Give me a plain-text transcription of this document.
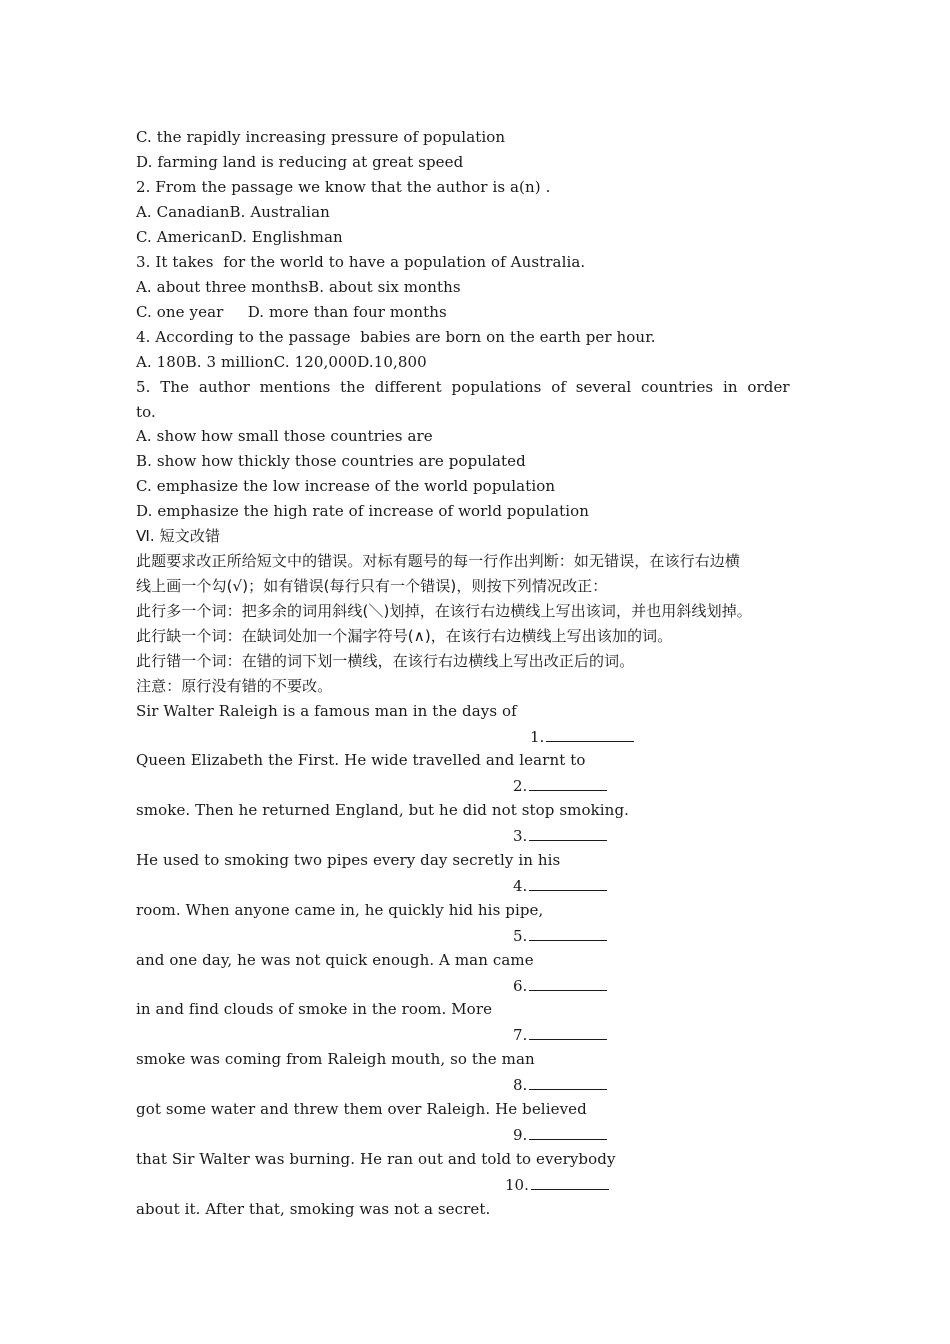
C. the rapidly increasing pressure of population
D. farming land is reducing at great speed
2. From the passage we know that the author is a(n) .
A. CanadianB. Australian
C. AmericanD. Englishman
3. It takes  for the world to have a population of Australia.
A. about three monthsB. about six months
C. one year     D. more than four months
4. According to the passage  babies are born on the earth per hour.
A. 180B. 3 millionC. 120,000D.10,800
5.  The  author  mentions  the  different  populations  of  several  countries  in  order
to.
A. show how small those countries are
B. show how thickly those countries are populated
C. emphasize the low increase of the world population
D. emphasize the high rate of increase of world population
Ⅵ. 短文改错
此题要求改正所给短文中的错误。对标有题号的每一行作出判断：如无错误，在该行右边横
线上画一个勾(√)；如有错误(每行只有一个错误)，则按下列情况改正：
此行多一个词：把多余的词用斜线(＼)划掉，在该行右边横线上写出该词，并也用斜线划掉。
此行缺一个词：在缺词处加一个漏字符号(∧)，在该行右边横线上写出该加的词。
此行错一个词：在错的词下划一横线，在该行右边横线上写出改正后的词。
注意：原行没有错的不要改。
Sir Walter Raleigh is a famous man in the days of
1.
Queen Elizabeth the First. He wide travelled and learnt to
2.
smoke. Then he returned England, but he did not stop smoking.
3.
He used to smoking two pipes every day secretly in his
4.
room. When anyone came in, he quickly hid his pipe,
5.
and one day, he was not quick enough. A man came
6.
in and find clouds of smoke in the room. More
7.
smoke was coming from Raleigh mouth, so the man
8.
got some water and threw them over Raleigh. He believed
9.
that Sir Walter was burning. He ran out and told to everybody
10.
about it. After that, smoking was not a secret.
